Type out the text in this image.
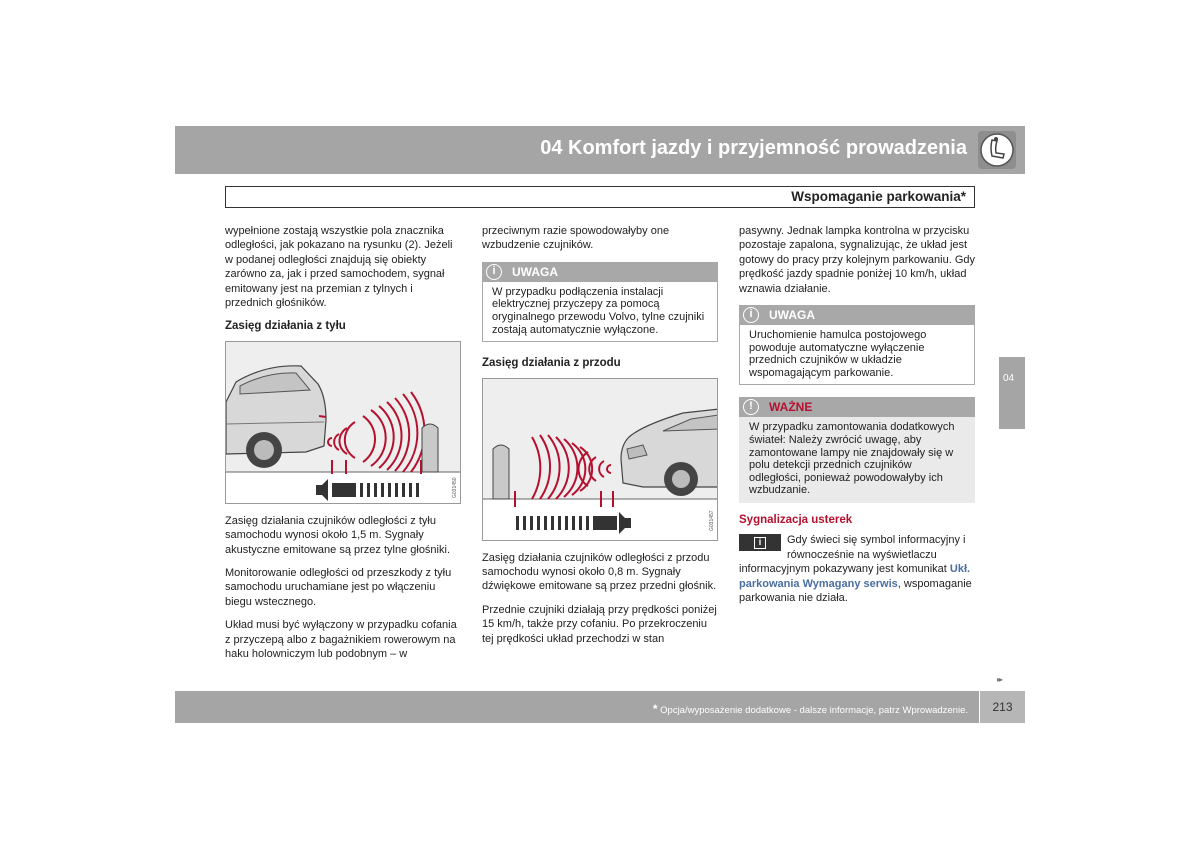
04 Komfort jazdy i przyjemność prowadzenia
Wspomaganie parkowania*

wypełnione zostają wszystkie pola znacznika odległości, jak pokazano na rysunku (2). Jeżeli w podanej odległości znajdują się obiekty zarówno za, jak i przed samochodem, sygnał emitowany jest na przemian z tylnych i przednich głośników.

Zasięg działania z tyłu
G031450

Zasięg działania czujników odległości z tyłu samochodu wynosi około 1,5 m. Sygnały akustyczne emitowane są przez tylne głośniki.

Monitorowanie odległości od przeszkody z tyłu samochodu uruchamiane jest po włączeniu biegu wstecznego.

Układ musi być wyłączony w przypadku cofania z przyczepą albo z bagażnikiem rowerowym na haku holowniczym lub podobnym – w

przeciwnym razie spowodowałyby one wzbudzenie czujników.

i	UWAGA
W przypadku podłączenia instalacji elektrycznej przyczepy za pomocą oryginalnego przewodu Volvo, tylne czujniki zostają automatycznie wyłączone.
Zasięg działania z przodu
G031457

Zasięg działania czujników odległości z przodu samochodu wynosi około 0,8 m. Sygnały dźwiękowe emitowane są przez przedni głośnik.

Przednie czujniki działają przy prędkości poniżej 15 km/h, także przy cofaniu. Po przekroczeniu tej prędkości układ przechodzi w stan

pasywny. Jednak lampka kontrolna w przycisku pozostaje zapalona, sygnalizując, że układ jest gotowy do pracy przy kolejnym parkowaniu. Gdy prędkość jazdy spadnie poniżej 10 km/h, układ wznawia działanie.

i	UWAGA
Uruchomienie hamulca postojowego powoduje automatyczne wyłączenie przednich czujników w układzie wspomagającym parkowanie.
!	WAŻNE
W przypadku zamontowania dodatkowych świateł: Należy zwrócić uwagę, aby zamontowane lampy nie znajdowały się w polu detekcji przednich czujników odległości, ponieważ powodowałyby ich wzbudzanie.
Sygnalizacja usterek
i	Gdy świeci się symbol informacyjny i równocześnie na wyświetlaczu informacyjnym pokazywany jest komunikat Ukł. parkowania Wymagany serwis, wspomaganie parkowania nie działa.
04
▸▸
* Opcja/wyposażenie dodatkowe - dalsze informacje, patrz Wprowadzenie.	213
